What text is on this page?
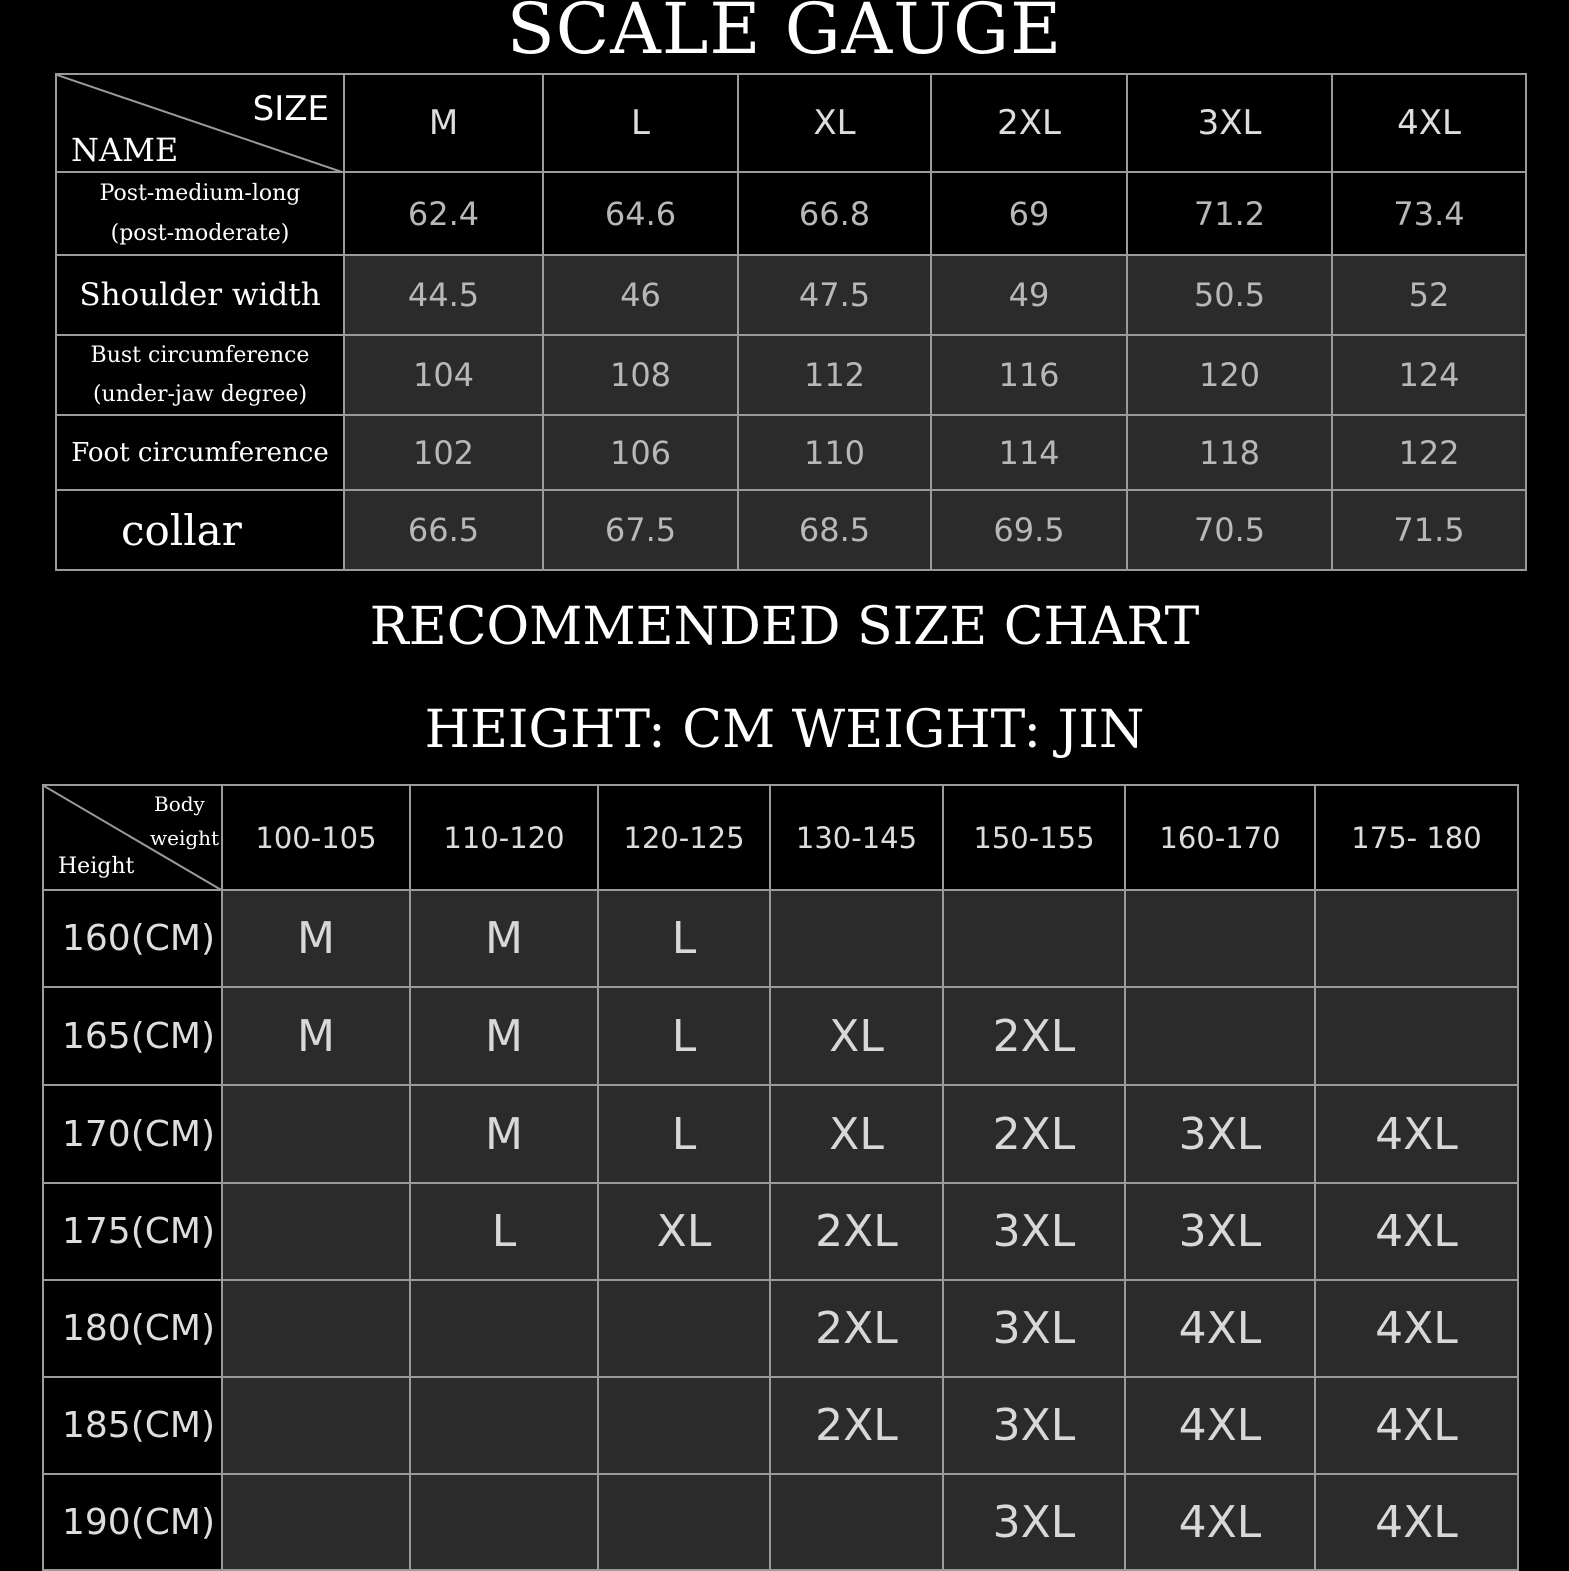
SCALE GAUGE
SIZE
NAME	M	L	XL	2XL	3XL	4XL

Post-medium-long
(post-moderate)	62.4	64.6	66.8	69	71.2	73.4
Shoulder width	44.5	46	47.5	49	50.5	52

Bust circumference
(under-jaw degree)	104	108	112	116	120	124
Foot circumference	102	106	110	114	118	122
collar	66.5	67.5	68.5	69.5	70.5	71.5
RECOMMENDED SIZE CHART
HEIGHT: CM WEIGHT: JIN
Body
weight
Height	100-105	110-120	120-125	130-145	150-155	160-170	175- 180
160(CM)	M	M	L				
165(CM)	M	M	L	XL	2XL		
170(CM)		M	L	XL	2XL	3XL	4XL
175(CM)		L	XL	2XL	3XL	3XL	4XL
180(CM)				2XL	3XL	4XL	4XL
185(CM)				2XL	3XL	4XL	4XL
190(CM)					3XL	4XL	4XL
